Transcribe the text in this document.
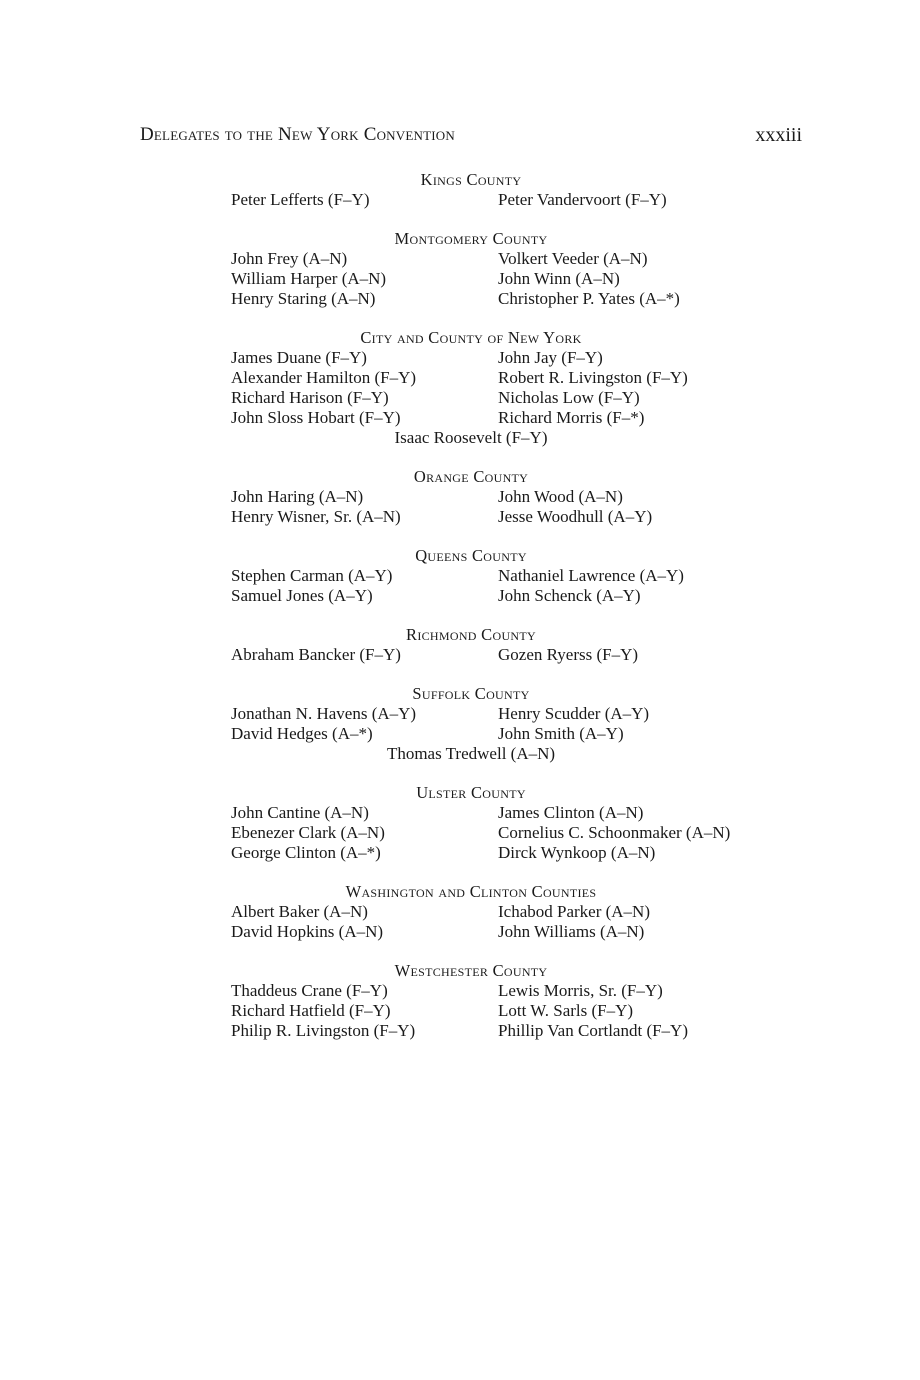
Delegates to the New York Convention	xxxiii
Kings County
Peter Lefferts (F–Y)	Peter Vandervoort (F–Y)
Montgomery County
John Frey (A–N)	Volkert Veeder (A–N)
William Harper (A–N)	John Winn (A–N)
Henry Staring (A–N)	Christopher P. Yates (A–*)
City and County of New York
James Duane (F–Y)	John Jay (F–Y)
Alexander Hamilton (F–Y)	Robert R. Livingston (F–Y)
Richard Harison (F–Y)	Nicholas Low (F–Y)
John Sloss Hobart (F–Y)	Richard Morris (F–*)
Isaac Roosevelt (F–Y)
Orange County
John Haring (A–N)	John Wood (A–N)
Henry Wisner, Sr. (A–N)	Jesse Woodhull (A–Y)
Queens County
Stephen Carman (A–Y)	Nathaniel Lawrence (A–Y)
Samuel Jones (A–Y)	John Schenck (A–Y)
Richmond County
Abraham Bancker (F–Y)	Gozen Ryerss (F–Y)
Suffolk County
Jonathan N. Havens (A–Y)	Henry Scudder (A–Y)
David Hedges (A–*)	John Smith (A–Y)
Thomas Tredwell (A–N)
Ulster County
John Cantine (A–N)	James Clinton (A–N)
Ebenezer Clark (A–N)	Cornelius C. Schoonmaker (A–N)
George Clinton (A–*)	Dirck Wynkoop (A–N)
Washington and Clinton Counties
Albert Baker (A–N)	Ichabod Parker (A–N)
David Hopkins (A–N)	John Williams (A–N)
Westchester County
Thaddeus Crane (F–Y)	Lewis Morris, Sr. (F–Y)
Richard Hatfield (F–Y)	Lott W. Sarls (F–Y)
Philip R. Livingston (F–Y)	Phillip Van Cortlandt (F–Y)
